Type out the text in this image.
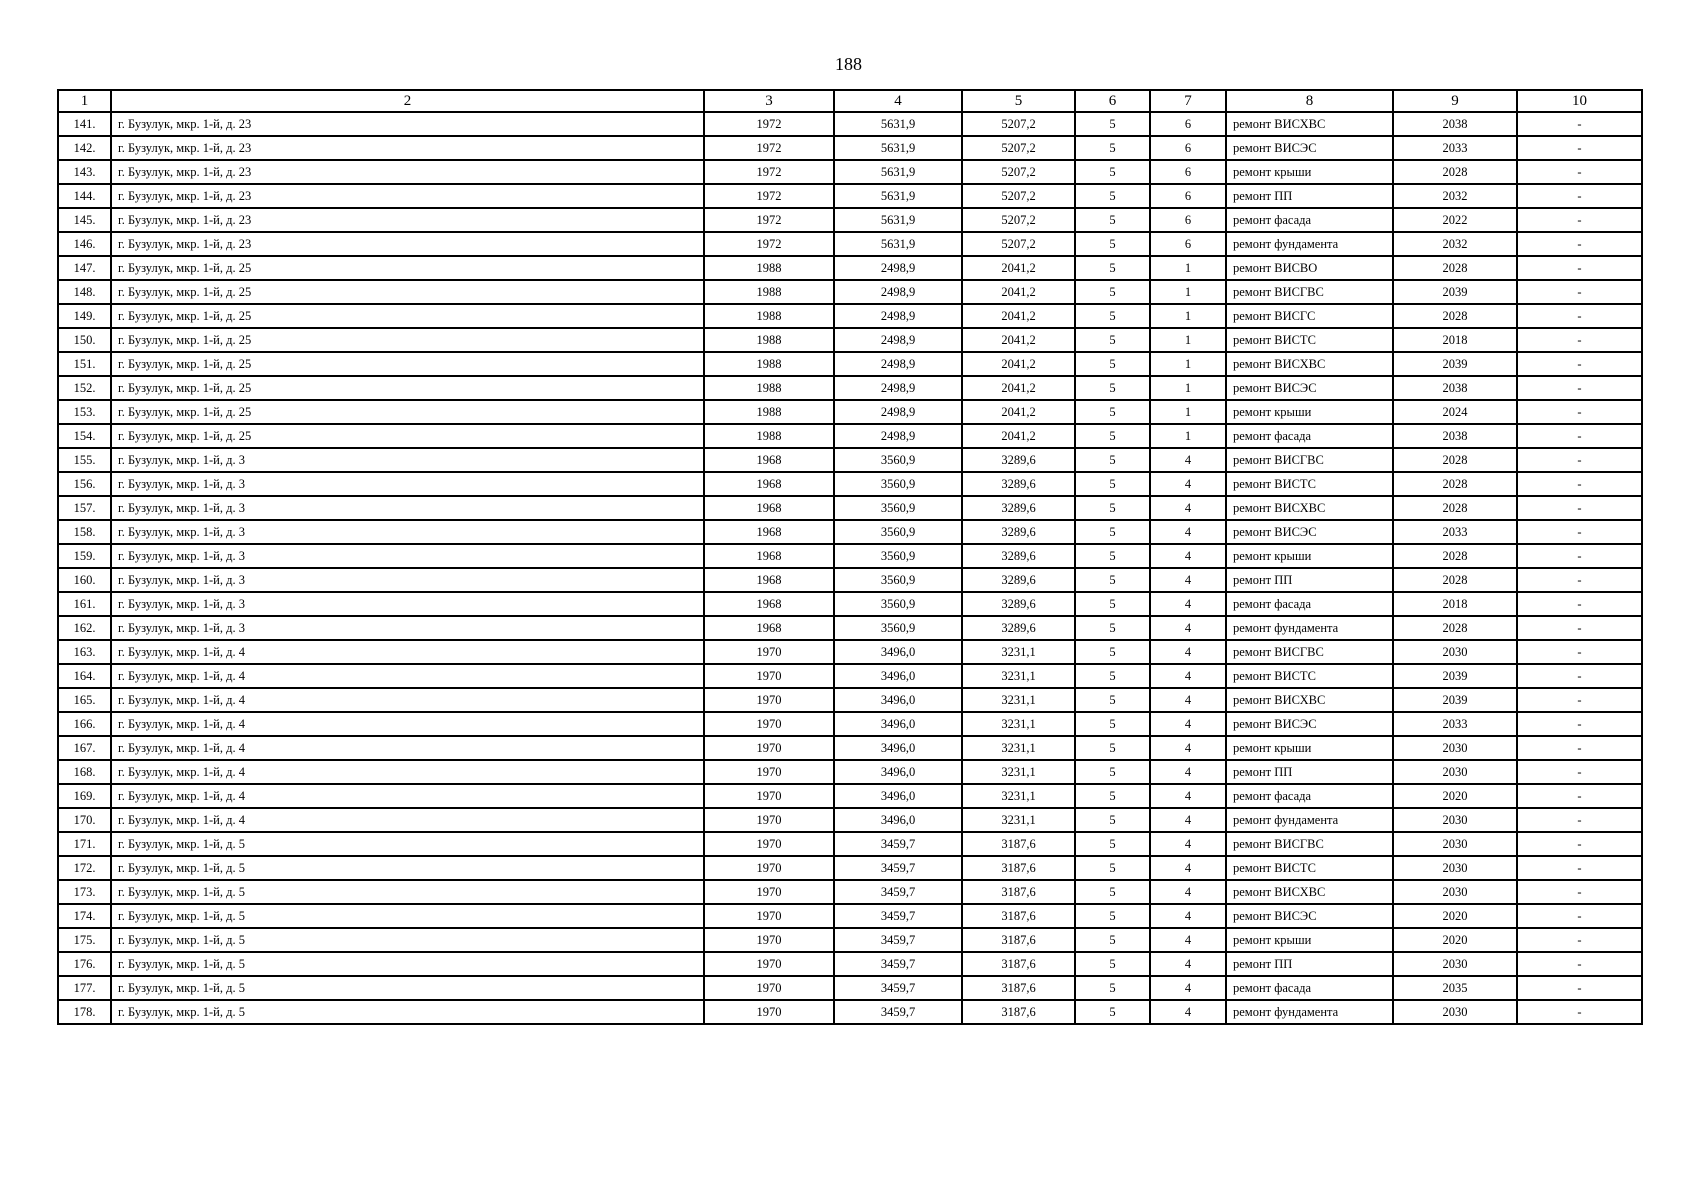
188
1	2	3	4	5	6	7	8	9	10
141.	г. Бузулук, мкр. 1-й, д. 23	1972	5631,9	5207,2	5	6	ремонт ВИСХВС	2038	-
142.	г. Бузулук, мкр. 1-й, д. 23	1972	5631,9	5207,2	5	6	ремонт ВИСЭС	2033	-
143.	г. Бузулук, мкр. 1-й, д. 23	1972	5631,9	5207,2	5	6	ремонт крыши	2028	-
144.	г. Бузулук, мкр. 1-й, д. 23	1972	5631,9	5207,2	5	6	ремонт ПП	2032	-
145.	г. Бузулук, мкр. 1-й, д. 23	1972	5631,9	5207,2	5	6	ремонт фасада	2022	-
146.	г. Бузулук, мкр. 1-й, д. 23	1972	5631,9	5207,2	5	6	ремонт фундамента	2032	-
147.	г. Бузулук, мкр. 1-й, д. 25	1988	2498,9	2041,2	5	1	ремонт ВИСВО	2028	-
148.	г. Бузулук, мкр. 1-й, д. 25	1988	2498,9	2041,2	5	1	ремонт ВИСГВС	2039	-
149.	г. Бузулук, мкр. 1-й, д. 25	1988	2498,9	2041,2	5	1	ремонт ВИСГС	2028	-
150.	г. Бузулук, мкр. 1-й, д. 25	1988	2498,9	2041,2	5	1	ремонт ВИСТС	2018	-
151.	г. Бузулук, мкр. 1-й, д. 25	1988	2498,9	2041,2	5	1	ремонт ВИСХВС	2039	-
152.	г. Бузулук, мкр. 1-й, д. 25	1988	2498,9	2041,2	5	1	ремонт ВИСЭС	2038	-
153.	г. Бузулук, мкр. 1-й, д. 25	1988	2498,9	2041,2	5	1	ремонт крыши	2024	-
154.	г. Бузулук, мкр. 1-й, д. 25	1988	2498,9	2041,2	5	1	ремонт фасада	2038	-
155.	г. Бузулук, мкр. 1-й, д. 3	1968	3560,9	3289,6	5	4	ремонт ВИСГВС	2028	-
156.	г. Бузулук, мкр. 1-й, д. 3	1968	3560,9	3289,6	5	4	ремонт ВИСТС	2028	-
157.	г. Бузулук, мкр. 1-й, д. 3	1968	3560,9	3289,6	5	4	ремонт ВИСХВС	2028	-
158.	г. Бузулук, мкр. 1-й, д. 3	1968	3560,9	3289,6	5	4	ремонт ВИСЭС	2033	-
159.	г. Бузулук, мкр. 1-й, д. 3	1968	3560,9	3289,6	5	4	ремонт крыши	2028	-
160.	г. Бузулук, мкр. 1-й, д. 3	1968	3560,9	3289,6	5	4	ремонт ПП	2028	-
161.	г. Бузулук, мкр. 1-й, д. 3	1968	3560,9	3289,6	5	4	ремонт фасада	2018	-
162.	г. Бузулук, мкр. 1-й, д. 3	1968	3560,9	3289,6	5	4	ремонт фундамента	2028	-
163.	г. Бузулук, мкр. 1-й, д. 4	1970	3496,0	3231,1	5	4	ремонт ВИСГВС	2030	-
164.	г. Бузулук, мкр. 1-й, д. 4	1970	3496,0	3231,1	5	4	ремонт ВИСТС	2039	-
165.	г. Бузулук, мкр. 1-й, д. 4	1970	3496,0	3231,1	5	4	ремонт ВИСХВС	2039	-
166.	г. Бузулук, мкр. 1-й, д. 4	1970	3496,0	3231,1	5	4	ремонт ВИСЭС	2033	-
167.	г. Бузулук, мкр. 1-й, д. 4	1970	3496,0	3231,1	5	4	ремонт крыши	2030	-
168.	г. Бузулук, мкр. 1-й, д. 4	1970	3496,0	3231,1	5	4	ремонт ПП	2030	-
169.	г. Бузулук, мкр. 1-й, д. 4	1970	3496,0	3231,1	5	4	ремонт фасада	2020	-
170.	г. Бузулук, мкр. 1-й, д. 4	1970	3496,0	3231,1	5	4	ремонт фундамента	2030	-
171.	г. Бузулук, мкр. 1-й, д. 5	1970	3459,7	3187,6	5	4	ремонт ВИСГВС	2030	-
172.	г. Бузулук, мкр. 1-й, д. 5	1970	3459,7	3187,6	5	4	ремонт ВИСТС	2030	-
173.	г. Бузулук, мкр. 1-й, д. 5	1970	3459,7	3187,6	5	4	ремонт ВИСХВС	2030	-
174.	г. Бузулук, мкр. 1-й, д. 5	1970	3459,7	3187,6	5	4	ремонт ВИСЭС	2020	-
175.	г. Бузулук, мкр. 1-й, д. 5	1970	3459,7	3187,6	5	4	ремонт крыши	2020	-
176.	г. Бузулук, мкр. 1-й, д. 5	1970	3459,7	3187,6	5	4	ремонт ПП	2030	-
177.	г. Бузулук, мкр. 1-й, д. 5	1970	3459,7	3187,6	5	4	ремонт фасада	2035	-
178.	г. Бузулук, мкр. 1-й, д. 5	1970	3459,7	3187,6	5	4	ремонт фундамента	2030	-
